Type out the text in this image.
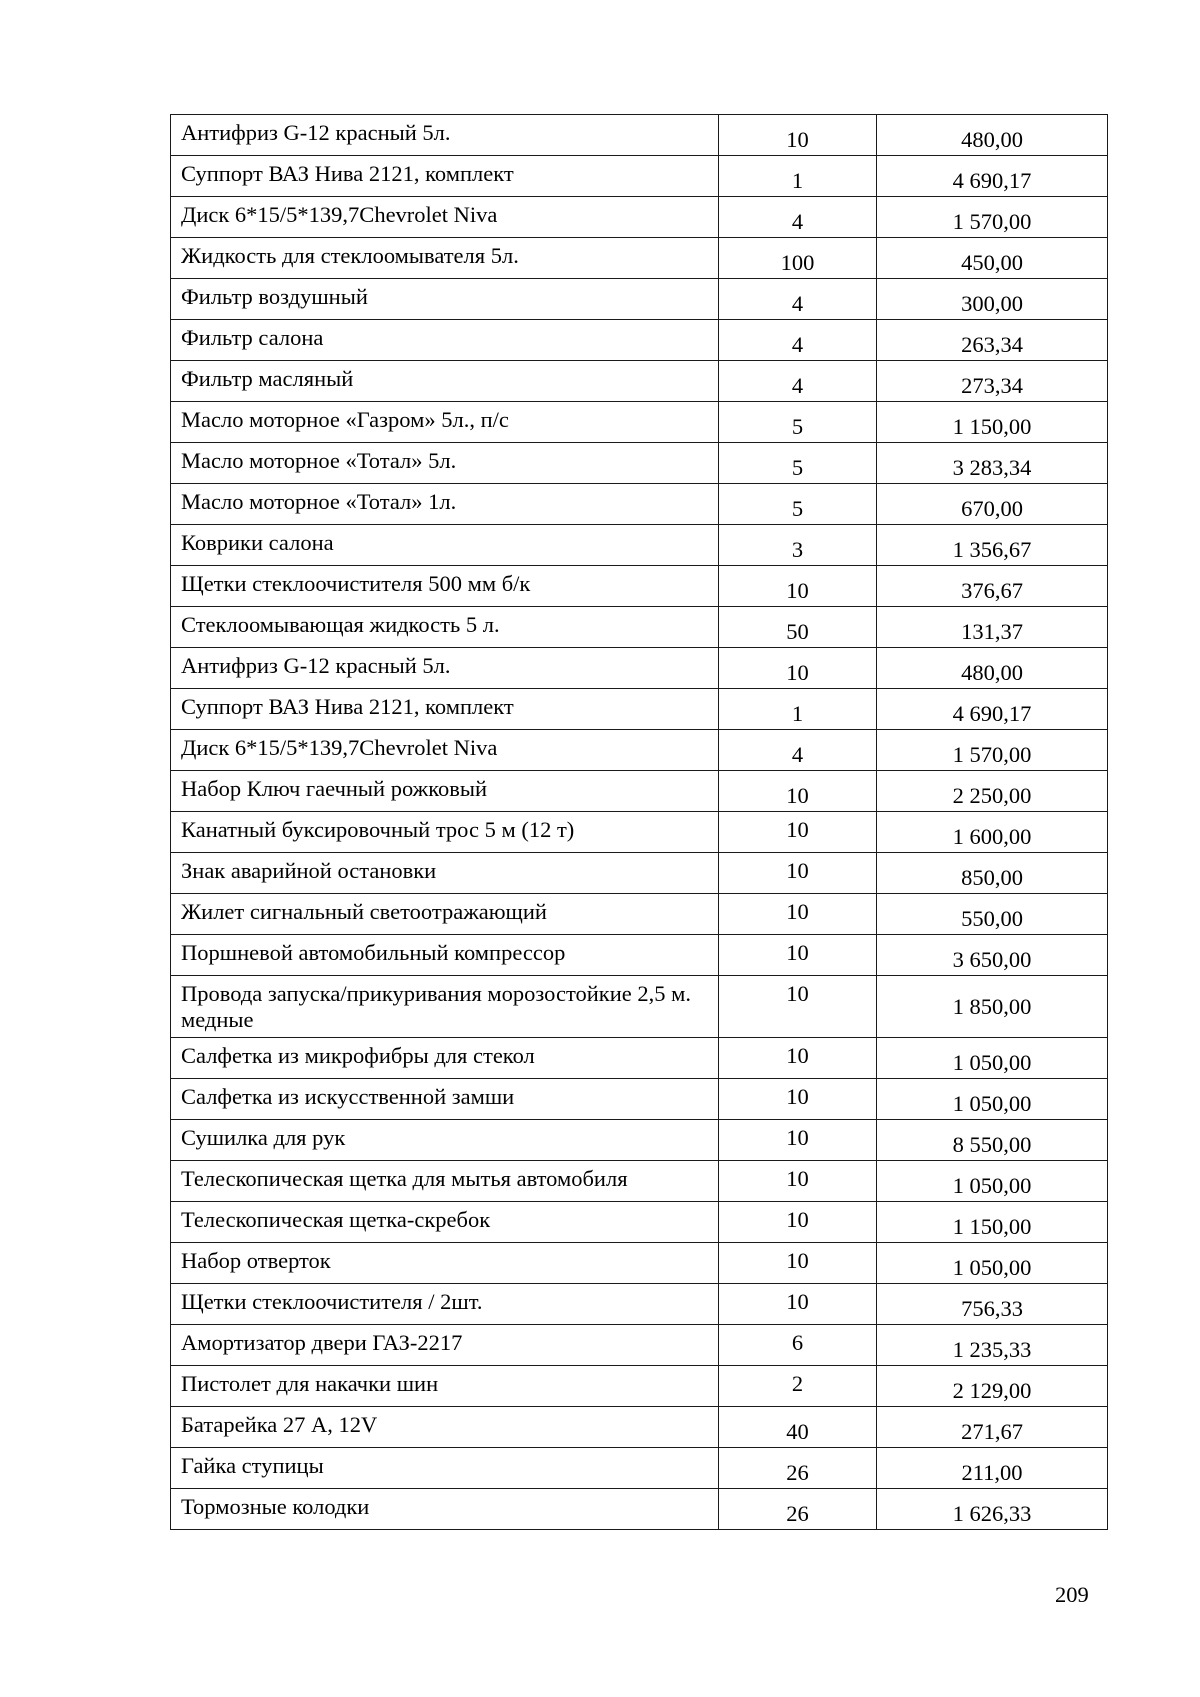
Антифриз G-12 красный 5л.	10	480,00
Суппорт ВАЗ Нива 2121, комплект	1	4 690,17
Диск 6*15/5*139,7Chevrolet Niva	4	1 570,00
Жидкость для стеклоомывателя 5л.	100	450,00
Фильтр воздушный	4	300,00
Фильтр салона	4	263,34
Фильтр масляный	4	273,34
Масло моторное «Газром» 5л., п/с	5	1 150,00
Масло моторное «Тотал» 5л.	5	3 283,34
Масло моторное «Тотал» 1л.	5	670,00
Коврики салона	3	1 356,67
Щетки стеклоочистителя 500 мм б/к	10	376,67
Стеклоомывающая жидкость 5 л.	50	131,37
Антифриз G-12 красный 5л.	10	480,00
Суппорт ВАЗ Нива 2121, комплект	1	4 690,17
Диск 6*15/5*139,7Chevrolet Niva	4	1 570,00
Набор Ключ гаечный рожковый	10	2 250,00
Канатный буксировочный трос 5 м (12 т)	10	1 600,00
Знак аварийной остановки	10	850,00
Жилет сигнальный светоотражающий	10	550,00
Поршневой автомобильный компрессор	10	3 650,00
Провода запуска/прикуривания морозостойкие 2,5 м. медные	10	1 850,00
Салфетка из микрофибры для стекол	10	1 050,00
Салфетка из искусственной замши	10	1 050,00
Сушилка для рук	10	8 550,00
Телескопическая щетка для мытья автомобиля	10	1 050,00
Телескопическая щетка-скребок	10	1 150,00
Набор отверток	10	1 050,00
Щетки стеклоочистителя / 2шт.	10	756,33
Амортизатор двери ГАЗ-2217	6	1 235,33
Пистолет для накачки шин	2	2 129,00
Батарейка 27 А, 12V	40	271,67
Гайка ступицы	26	211,00
Тормозные колодки	26	1 626,33
209
